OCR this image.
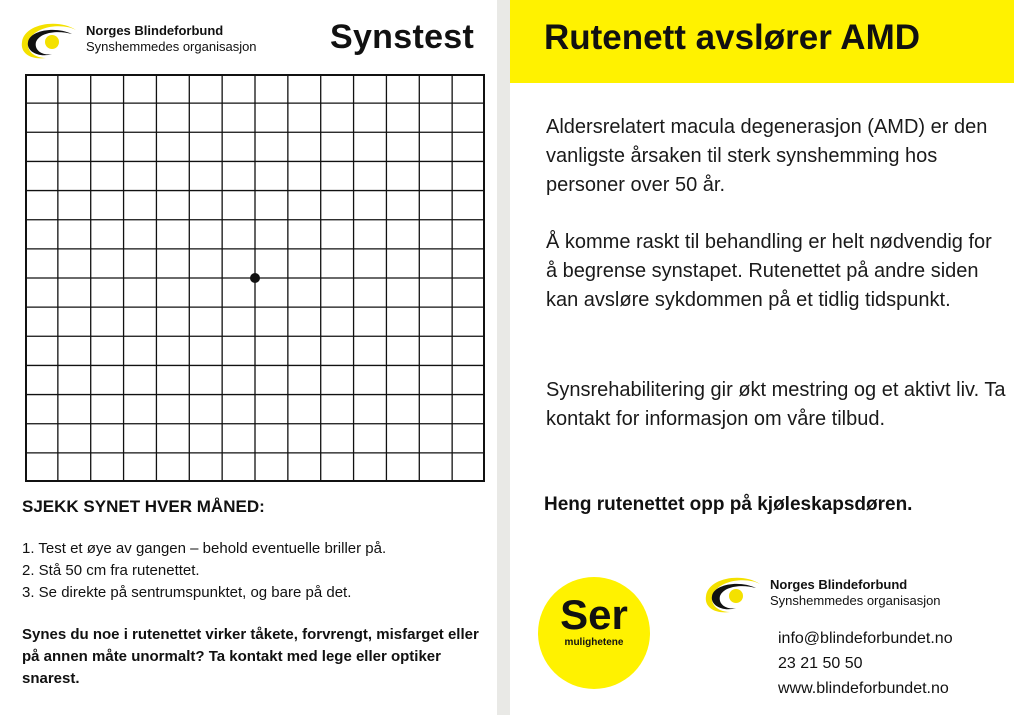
Norges Blindeforbund
Synshemmedes organisasjon Synstest
SJEKK SYNET HVER MÅNED:
1. Test et øye av gangen – behold eventuelle briller på.
2. Stå 50 cm fra rutenettet.
3. Se direkte på sentrumspunktet, og bare på det.
Synes du noe i rutenettet virker tåkete, forvrengt, misfarget eller på annen måte unormalt? Ta kontakt med lege eller optiker snarest.
Rutenett avslører AMD
Aldersrelatert macula degenerasjon (AMD) er den vanligste årsaken til sterk synshemming hos personer over 50 år.
Å komme raskt til behandling er helt nødvendig for å begrense synstapet. Rutenettet på andre siden kan avsløre sykdommen på et tidlig tidspunkt.
Synsrehabilitering gir økt mestring og et aktivt liv. Ta kontakt for informasjon om våre tilbud.
Heng rutenettet opp på kjøleskapsdøren.
Ser
mulighetene
Norges Blindeforbund
Synshemmedes organisasjon
info@blindeforbundet.no
23 21 50 50
www.blindeforbundet.no
